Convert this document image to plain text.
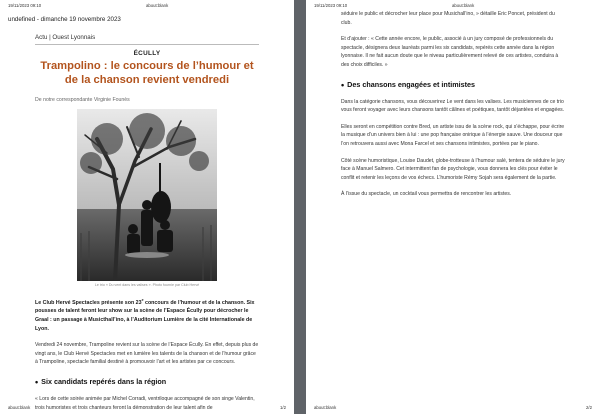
19/11/2023 09:10	about:blank
undefined - dimanche 19 novembre 2023
Actu | Ouest Lyonnais
ÉCULLY
Trampolino : le concours de l’humour et de la chanson revient vendredi
De notre correspondante Virginie Founès
Le trio « Du vent dans les valises ». Photo fournie par Club Hervé

Le Club Hervé Spectacles présente son 23e concours de l’humour et de la chanson. Six pousses de talent feront leur show sur la scène de l’Espace Écully pour décrocher le Graal : un passage à Musicthall’ino, à l’Auditorium Lumière de la cité Internationale de Lyon.

Vendredi 24 novembre, Trampoline revient sur la scène de l’Espace Écully. En effet, depuis plus de vingt ans, le Club Hervé Spectacles met en lumière les talents de la chanson et de l’humour grâce à Trampoline, spectacle familial destiné à promouvoir l’art et les artistes par ce concours.

• Six candidats repérés dans la région

« Lors de cette soirée animée par Michel Corradi, ventriloque accompagné de son singe Valentin, trois humoristes et trois chanteurs feront la démonstration de leur talent afin de

about:blank	1/2
19/11/2023 09:10	about:blank

séduire le public et décrocher leur place pour Musichall’ino, » détaille Eric Poncet, président du club.

Et d’ajouter : « Cette année encore, le public, associé à un jury composé de professionnels du spectacle, désignera deux lauréats parmi les six candidats, repérés cette année dans la région lyonnaise. Il ne fait aucun doute que le niveau particulièrement relevé de ces artistes, conduira à des choix difficiles. »

• Des chansons engagées et intimistes

Dans la catégorie chansons, vous découvrirez Le vent dans les valises. Les musiciennes de ce trio vous feront voyager avec leurs chansons tantôt câlines et poétiques, tantôt déjantées et engagées.

Elles seront en compétition contre Bred, un artiste issu de la scène rock, qui s’échappe, pour écrire la musique d’un univers bien à lui : une pop française onirique à l’énergie sauve. Une douceur que l’on retrouvera aussi avec Mona Farcel et ses chansons intimistes, portées par le piano.

Côté scène humoristique, Louise Daudet, globe-trotteuse à l’humour salé, tentera de séduire le jury face à Manuel Salmero. Cet intermittent fan de psychologie, vous donnera les clés pour éviter le conflit et retenir les leçons de vos échecs. L’humoriste Rémy Sojah sera également de la partie.

À l’issue du spectacle, un cocktail vous permettra de rencontrer les artistes.

about:blank	2/2
